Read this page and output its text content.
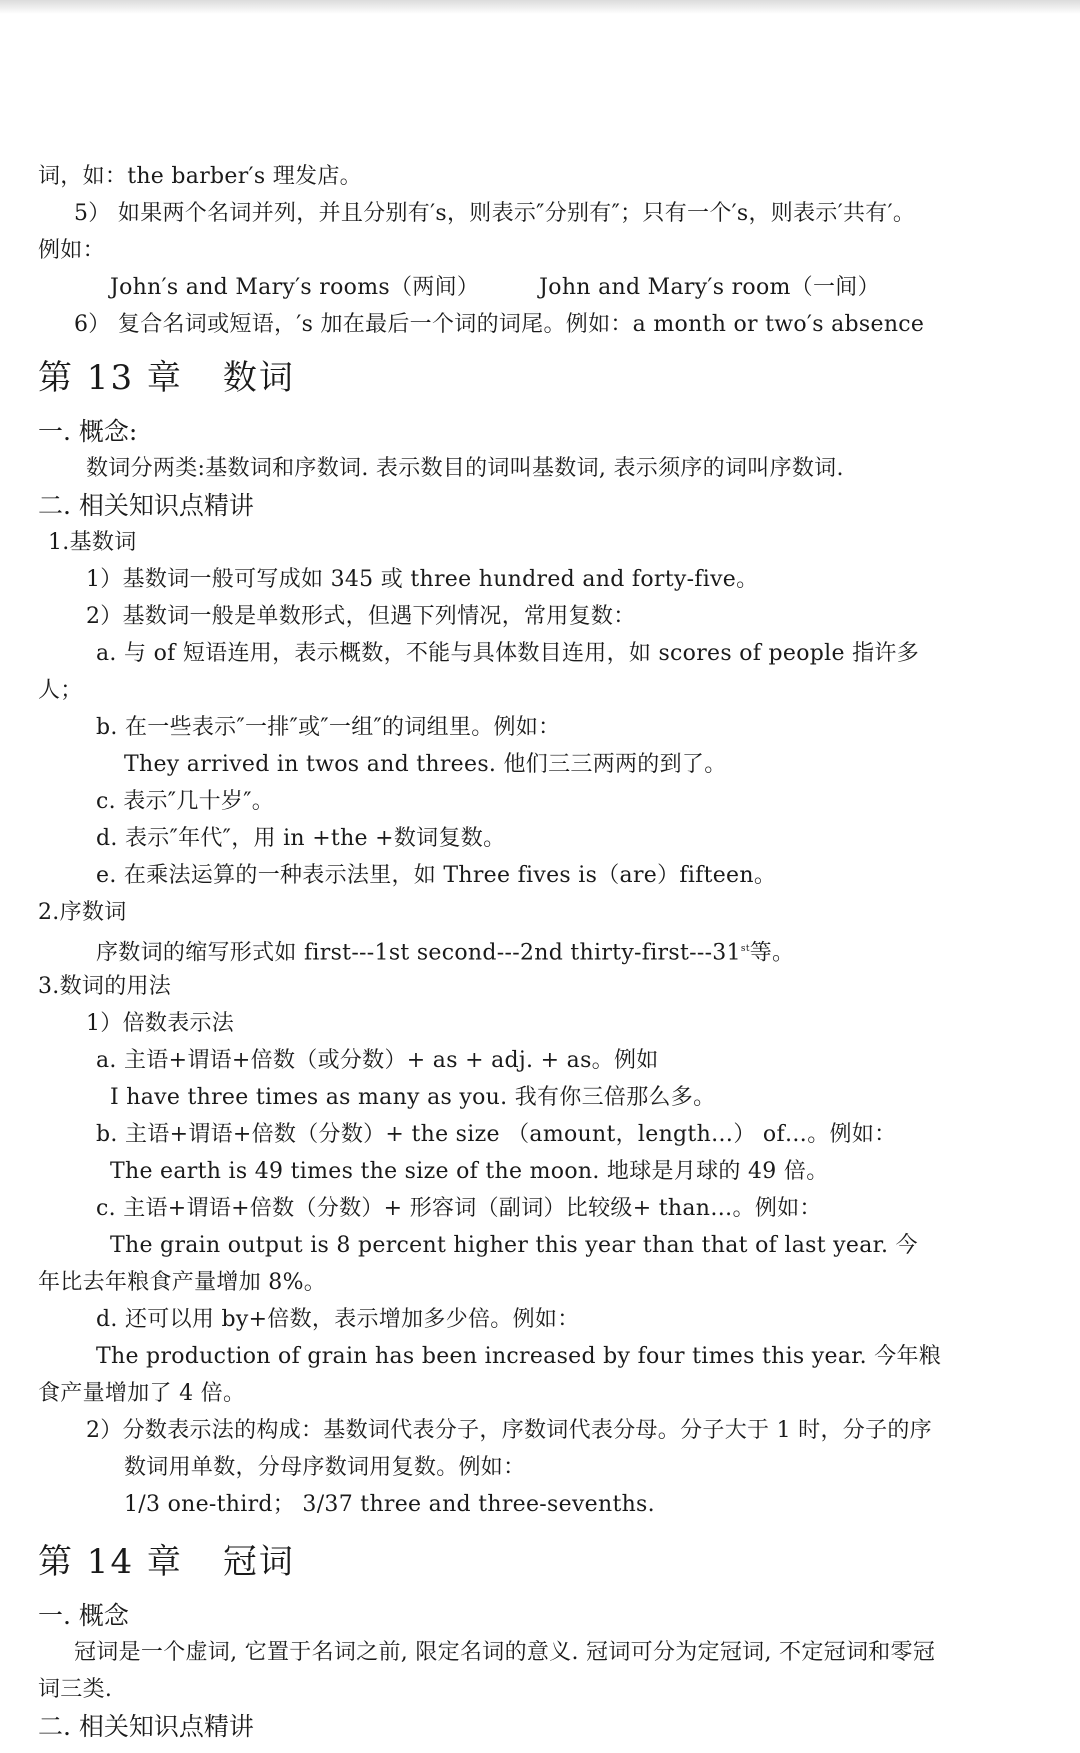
词，如：the barber′s 理发店。
5） 如果两个名词并列，并且分别有′s，则表示″分别有″；只有一个′s，则表示′共有′。
例如：
John′s and Mary′s rooms（两间）	John and Mary′s room（一间）
6） 复合名词或短语，′s 加在最后一个词的词尾。例如：a month or two′s absence
第 13 章 数词
一. 概念:
数词分两类:基数词和序数词. 表示数目的词叫基数词, 表示须序的词叫序数词.
二. 相关知识点精讲
1.基数词
1）基数词一般可写成如 345 或 three hundred and forty-five。
2）基数词一般是单数形式，但遇下列情况，常用复数：
a. 与 of 短语连用，表示概数，不能与具体数目连用，如 scores of people 指许多
人；
b. 在一些表示″一排″或″一组″的词组里。例如：
They arrived in twos and threes. 他们三三两两的到了。
c. 表示″几十岁″。
d. 表示″年代″，用 in +the +数词复数。
e. 在乘法运算的一种表示法里，如 Three fives is（are）fifteen。
2.序数词
序数词的缩写形式如 first---1st second---2nd thirty-first---31st等。
3.数词的用法
1）倍数表示法
a. 主语+谓语+倍数（或分数）+ as + adj. + as。例如
I have three times as many as you. 我有你三倍那么多。
b. 主语+谓语+倍数（分数）+ the size （amount，length…） of…。例如：
The earth is 49 times the size of the moon. 地球是月球的 49 倍。
c. 主语+谓语+倍数（分数）+ 形容词（副词）比较级+ than…。例如：
The grain output is 8 percent higher this year than that of last year. 今
年比去年粮食产量增加 8%。
d. 还可以用 by+倍数，表示增加多少倍。例如：
The production of grain has been increased by four times this year. 今年粮
食产量增加了 4 倍。
2）分数表示法的构成：基数词代表分子，序数词代表分母。分子大于 1 时，分子的序
数词用单数，分母序数词用复数。例如：
1/3 one-third； 3/37 three and three-sevenths.
第 14 章 冠词
一. 概念
冠词是一个虚词, 它置于名词之前, 限定名词的意义. 冠词可分为定冠词, 不定冠词和零冠
词三类.
二. 相关知识点精讲
